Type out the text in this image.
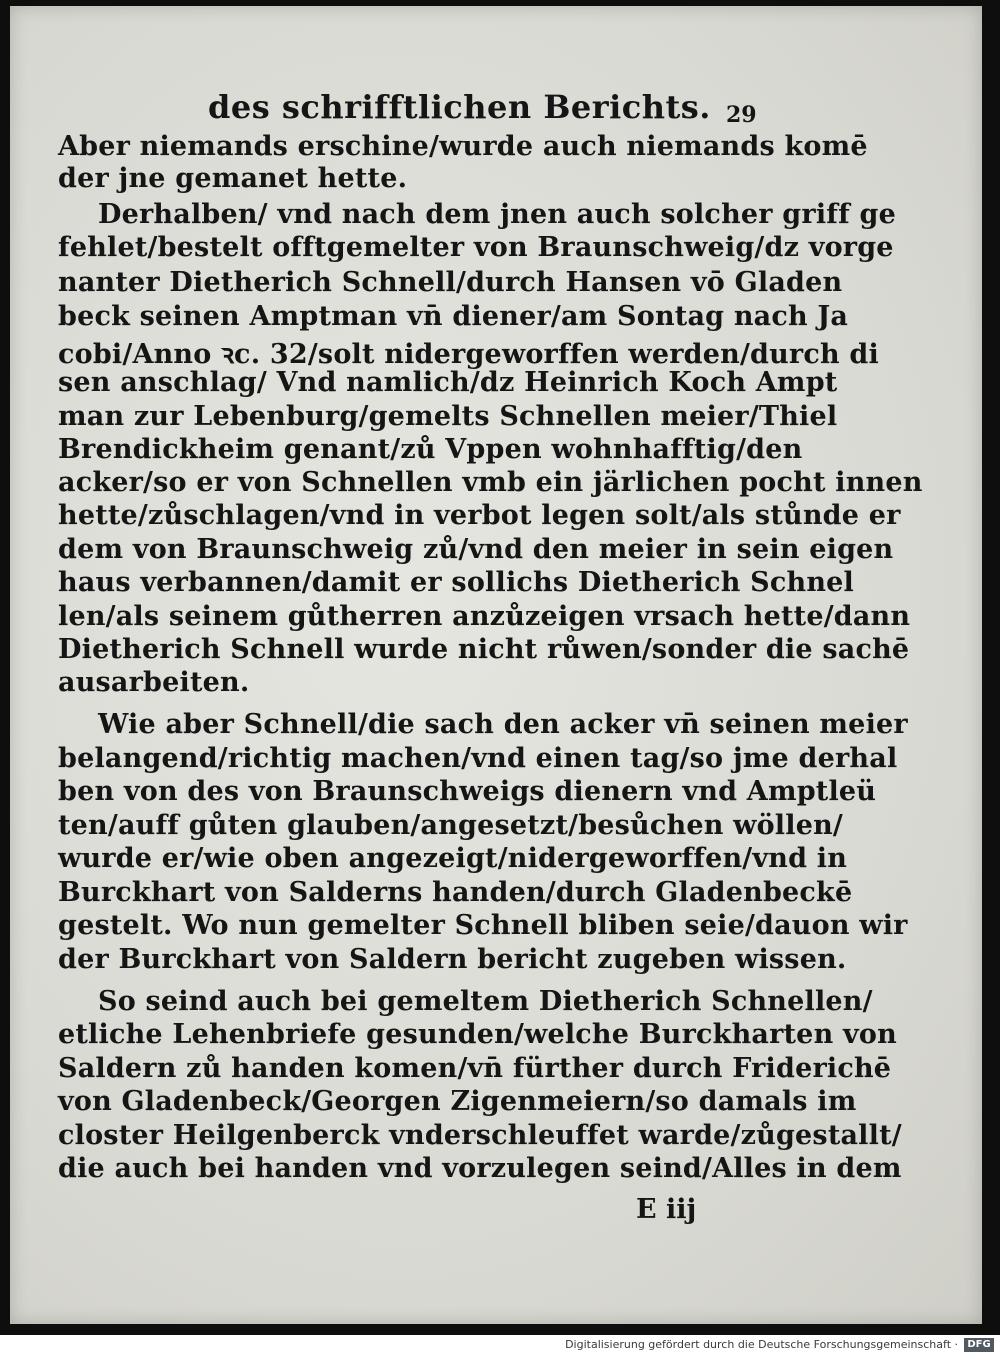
des schrifftlichen Berichts. 29
Aber niemands erschine/wurde auch niemands komē
der jne gemanet hette.
Derhalben/ vnd nach dem jnen auch solcher griff ge
fehlet/bestelt offtgemelter von Braunschweig/dz vorge
nanter Dietherich Schnell/durch Hansen vō Gladen
beck seinen Amptman vn̄ diener/am Sontag nach Ja
cobi/Anno ꝛc. 32/solt nidergeworffen werden/durch di
sen anschlag/ Vnd namlich/dz Heinrich Koch Ampt
man zur Lebenburg/gemelts Schnellen meier/Thiel
Brendickheim genant/zů Vppen wohnhafftig/den
acker/so er von Schnellen vmb ein järlichen pocht innen
hette/zůschlagen/vnd in verbot legen solt/als stůnde er
dem von Braunschweig zů/vnd den meier in sein eigen
haus verbannen/damit er sollichs Dietherich Schnel
len/als seinem gůtherren anzůzeigen vrsach hette/dann
Dietherich Schnell wurde nicht růwen/sonder die sachē
ausarbeiten.
Wie aber Schnell/die sach den acker vn̄ seinen meier
belangend/richtig machen/vnd einen tag/so jme derhal
ben von des von Braunschweigs dienern vnd Amptleü
ten/auff gůten glauben/angesetzt/besůchen wöllen/
wurde er/wie oben angezeigt/nidergeworffen/vnd in
Burckhart von Salderns handen/durch Gladenbeckē
gestelt. Wo nun gemelter Schnell bliben seie/dauon wir
der Burckhart von Saldern bericht zugeben wissen.
So seind auch bei gemeltem Dietherich Schnellen/
etliche Lehenbriefe gesunden/welche Burckharten von
Saldern zů handen komen/vn̄ fürther durch Friderichē
von Gladenbeck/Georgen Zigenmeiern/so damals im
closter Heilgenberck vnderschleuffet warde/zůgestallt/
die auch bei handen vnd vorzulegen seind/Alles in dem
E iij
Digitalisierung gefördert durch die Deutsche Forschungsgemeinschaft · DFG
